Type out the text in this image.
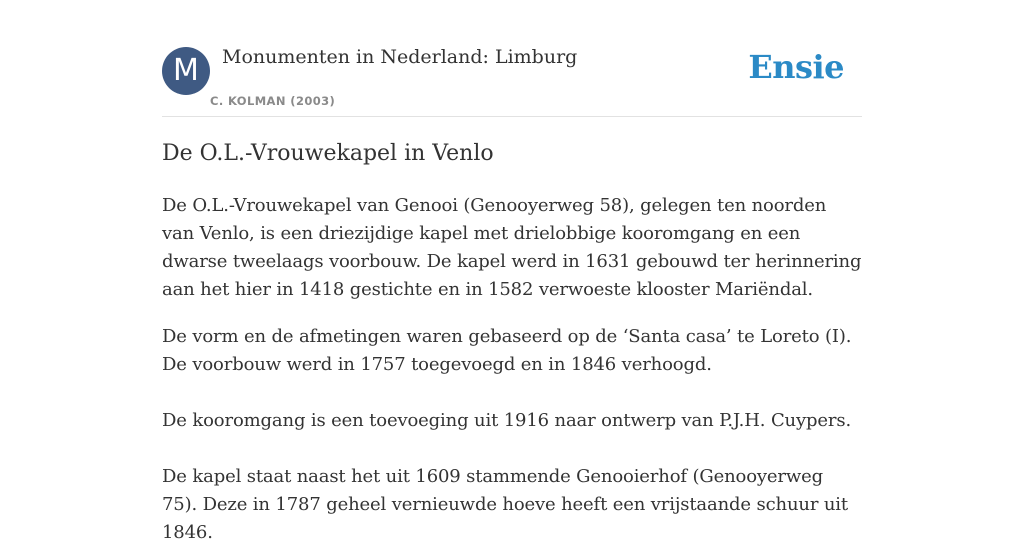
M	Monumenten in Nederland: Limburg
C. KOLMAN (2003)
Ensie
De O.L.-Vrouwekapel in Venlo

De O.L.-Vrouwekapel van Genooi (Genooyerweg 58), gelegen ten noorden van Venlo, is een driezijdige kapel met drielobbige kooromgang en een dwarse tweelaags voorbouw. De kapel werd in 1631 gebouwd ter herinnering aan het hier in 1418 gestichte en in 1582 verwoeste klooster Mariëndal.

De vorm en de afmetingen waren gebaseerd op de ‘Santa casa’ te Loreto (I). De voorbouw werd in 1757 toegevoegd en in 1846 verhoogd.

De kooromgang is een toevoeging uit 1916 naar ontwerp van P.J.H. Cuypers.

De kapel staat naast het uit 1609 stammende Genooierhof (Genooyerweg 75). Deze in 1787 geheel vernieuwde hoeve heeft een vrijstaande schuur uit 1846.
